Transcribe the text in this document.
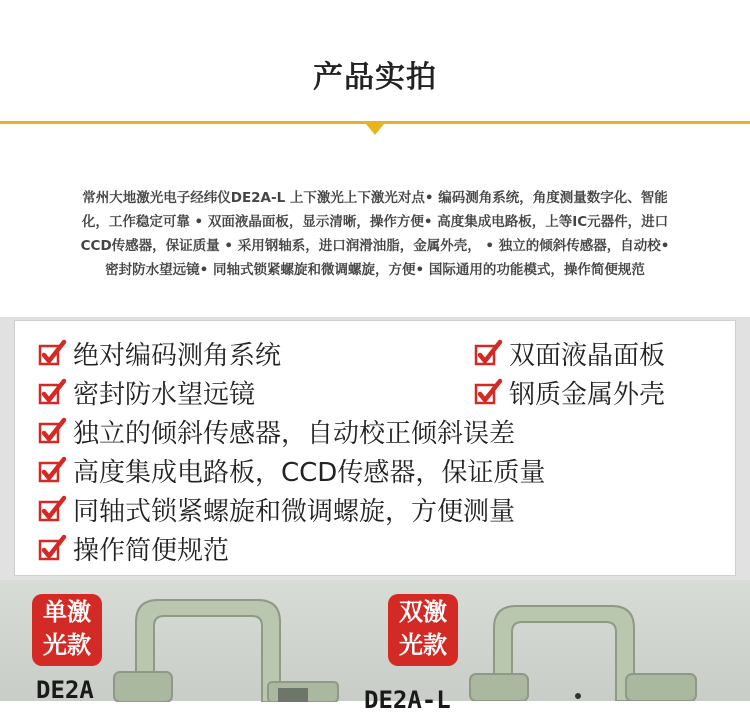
产品实拍
常州大地激光电子经纬仪DE2A-L 上下激光上下激光对点• 编码测角系统，角度测量数字化、智能化，工作稳定可靠 • 双面液晶面板，显示清晰，操作方便• 高度集成电路板，上等IC元器件，进口CCD传感器，保证质量 • 采用钢轴系，进口润滑油脂，金属外壳， • 独立的倾斜传感器，自动校• 密封防水望远镜• 同轴式锁紧螺旋和微调螺旋，方便• 国际通用的功能模式，操作简便规范
绝对编码测角系统	双面液晶面板
密封防水望远镜	钢质金属外壳
独立的倾斜传感器，自动校正倾斜误差
高度集成电路板，CCD传感器，保证质量
同轴式锁紧螺旋和微调螺旋，方便测量
操作简便规范
单激
光款
DE2A
双激
光款
DE2A-L
